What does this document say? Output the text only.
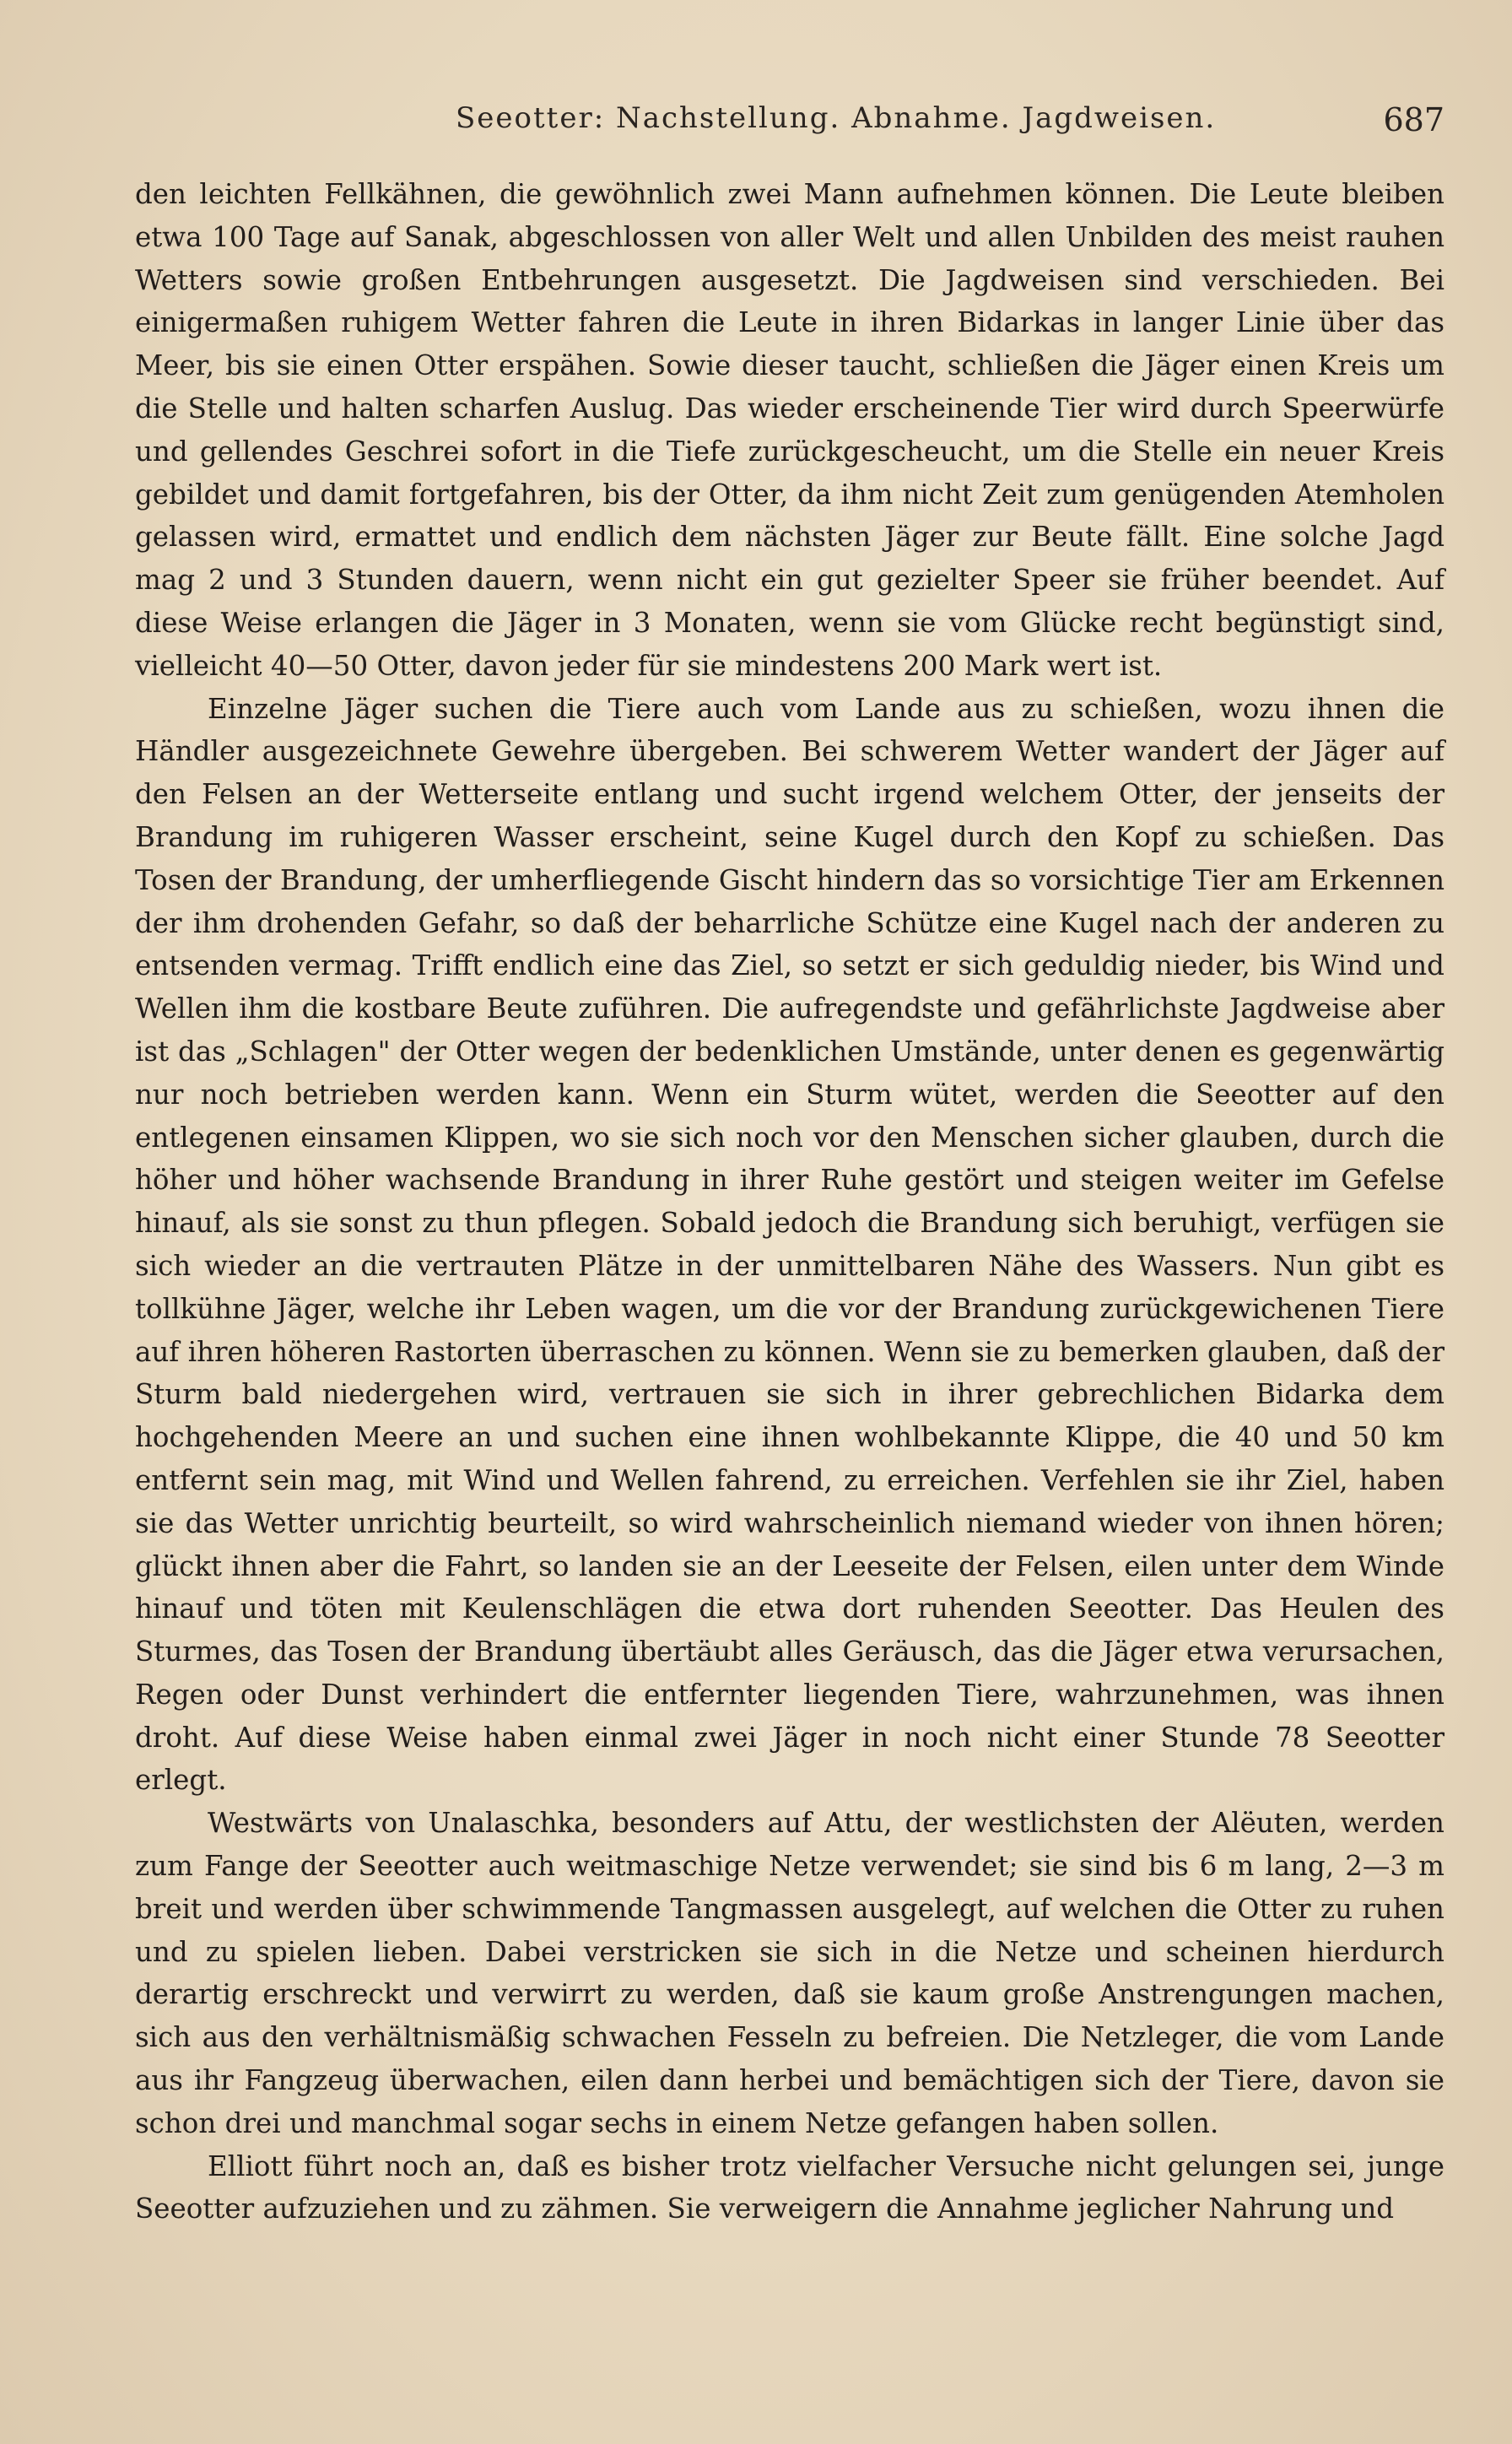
Seeotter: Nachstellung. Abnahme. Jagdweisen.	687

den leichten Fellkähnen, die gewöhnlich zwei Mann aufnehmen können. Die Leute bleiben etwa 100 Tage auf Sanak, abgeschlossen von aller Welt und allen Unbilden des meist rauhen Wetters sowie großen Entbehrungen ausgesetzt. Die Jagdweisen sind verschieden. Bei einigermaßen ruhigem Wetter fahren die Leute in ihren Bidarkas in langer Linie über das Meer, bis sie einen Otter erspähen. Sowie dieser taucht, schließen die Jäger einen Kreis um die Stelle und halten scharfen Auslug. Das wieder erscheinende Tier wird durch Speerwürfe und gellendes Geschrei sofort in die Tiefe zurückgescheucht, um die Stelle ein neuer Kreis gebildet und damit fortgefahren, bis der Otter, da ihm nicht Zeit zum genügenden Atemholen gelassen wird, ermattet und endlich dem nächsten Jäger zur Beute fällt. Eine solche Jagd mag 2 und 3 Stunden dauern, wenn nicht ein gut gezielter Speer sie früher beendet. Auf diese Weise erlangen die Jäger in 3 Monaten, wenn sie vom Glücke recht begünstigt sind, vielleicht 40—50 Otter, davon jeder für sie mindestens 200 Mark wert ist.

Einzelne Jäger suchen die Tiere auch vom Lande aus zu schießen, wozu ihnen die Händler ausgezeichnete Gewehre übergeben. Bei schwerem Wetter wandert der Jäger auf den Felsen an der Wetterseite entlang und sucht irgend welchem Otter, der jenseits der Brandung im ruhigeren Wasser erscheint, seine Kugel durch den Kopf zu schießen. Das Tosen der Brandung, der umherfliegende Gischt hindern das so vorsichtige Tier am Erkennen der ihm drohenden Gefahr, so daß der beharrliche Schütze eine Kugel nach der anderen zu entsenden vermag. Trifft endlich eine das Ziel, so setzt er sich geduldig nieder, bis Wind und Wellen ihm die kostbare Beute zuführen. Die aufregendste und gefährlichste Jagdweise aber ist das „Schlagen" der Otter wegen der bedenklichen Umstände, unter denen es gegenwärtig nur noch betrieben werden kann. Wenn ein Sturm wütet, werden die Seeotter auf den entlegenen einsamen Klippen, wo sie sich noch vor den Menschen sicher glauben, durch die höher und höher wachsende Brandung in ihrer Ruhe gestört und steigen weiter im Gefelse hinauf, als sie sonst zu thun pflegen. Sobald jedoch die Brandung sich beruhigt, verfügen sie sich wieder an die vertrauten Plätze in der unmittelbaren Nähe des Wassers. Nun gibt es tollkühne Jäger, welche ihr Leben wagen, um die vor der Brandung zurückgewichenen Tiere auf ihren höheren Rastorten überraschen zu können. Wenn sie zu bemerken glauben, daß der Sturm bald niedergehen wird, vertrauen sie sich in ihrer gebrechlichen Bidarka dem hochgehenden Meere an und suchen eine ihnen wohlbekannte Klippe, die 40 und 50 km entfernt sein mag, mit Wind und Wellen fahrend, zu erreichen. Verfehlen sie ihr Ziel, haben sie das Wetter unrichtig beurteilt, so wird wahrscheinlich niemand wieder von ihnen hören; glückt ihnen aber die Fahrt, so landen sie an der Leeseite der Felsen, eilen unter dem Winde hinauf und töten mit Keulenschlägen die etwa dort ruhenden Seeotter. Das Heulen des Sturmes, das Tosen der Brandung übertäubt alles Geräusch, das die Jäger etwa verursachen, Regen oder Dunst verhindert die entfernter liegenden Tiere, wahrzunehmen, was ihnen droht. Auf diese Weise haben einmal zwei Jäger in noch nicht einer Stunde 78 Seeotter erlegt.

Westwärts von Unalaschka, besonders auf Attu, der westlichsten der Alëuten, werden zum Fange der Seeotter auch weitmaschige Netze verwendet; sie sind bis 6 m lang, 2—3 m breit und werden über schwimmende Tangmassen ausgelegt, auf welchen die Otter zu ruhen und zu spielen lieben. Dabei verstricken sie sich in die Netze und scheinen hierdurch derartig erschreckt und verwirrt zu werden, daß sie kaum große Anstrengungen machen, sich aus den verhältnismäßig schwachen Fesseln zu befreien. Die Netzleger, die vom Lande aus ihr Fangzeug überwachen, eilen dann herbei und bemächtigen sich der Tiere, davon sie schon drei und manchmal sogar sechs in einem Netze gefangen haben sollen.

Elliott führt noch an, daß es bisher trotz vielfacher Versuche nicht gelungen sei, junge Seeotter aufzuziehen und zu zähmen. Sie verweigern die Annahme jeglicher Nahrung und
